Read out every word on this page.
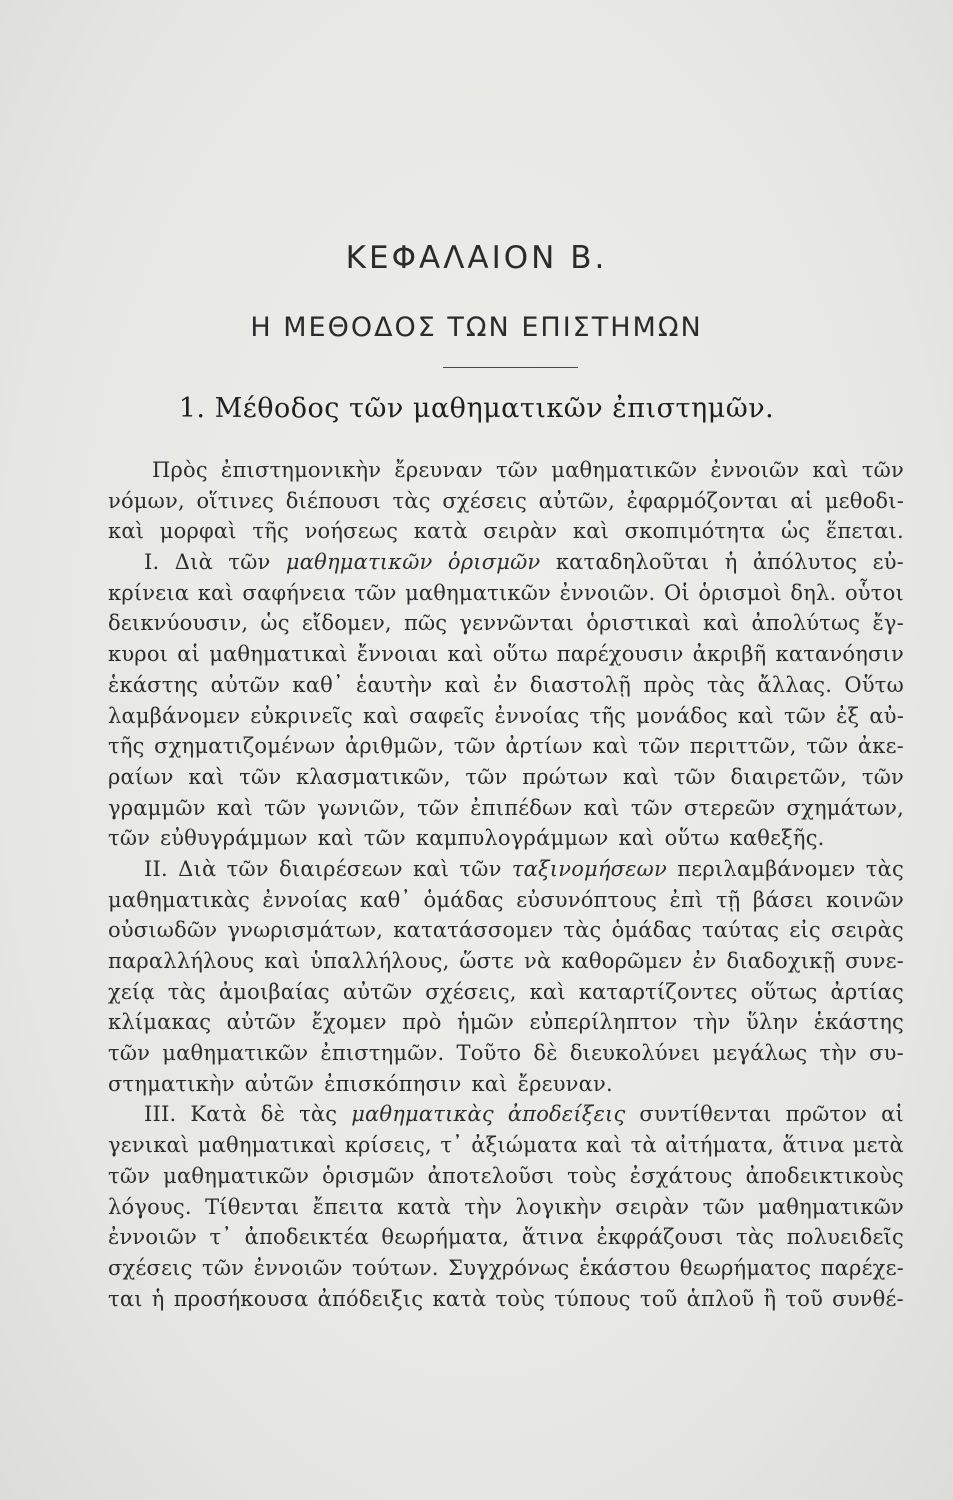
ΚΕΦΑΛΑΙΟΝ Β.
Η ΜΕΘΟΔΟΣ ΤΩΝ ΕΠΙΣΤΗΜΩΝ
1. Μέθοδος τῶν μαθηματικῶν ἐπιστημῶν.
Πρὸς ἐπιστημονικὴν ἔρευναν τῶν μαθηματικῶν ἐννοιῶν καὶ τῶν
νόμων, οἵτινες διέπουσι τὰς σχέσεις αὐτῶν, ἐφαρμόζονται αἱ μεθοδι-
καὶ μορφαὶ τῆς νοήσεως κατὰ σειρὰν καὶ σκοπιμότητα ὡς ἕπεται.
I. Διὰ τῶν μαθηματικῶν ὁρισμῶν καταδηλοῦται ἡ ἀπόλυτος εὐ-
κρίνεια καὶ σαφήνεια τῶν μαθηματικῶν ἐννοιῶν. Οἱ ὁρισμοὶ δηλ. οὗτοι
δεικνύουσιν, ὡς εἴδομεν, πῶς γεννῶνται ὁριστικαὶ καὶ ἀπολύτως ἔγ-
κυροι αἱ μαθηματικαὶ ἔννοιαι καὶ οὕτω παρέχουσιν ἀκριβῆ κατανόησιν
ἑκάστης αὐτῶν καθ᾽ ἑαυτὴν καὶ ἐν διαστολῇ πρὸς τὰς ἄλλας. Οὕτω
λαμβάνομεν εὐκρινεῖς καὶ σαφεῖς ἐννοίας τῆς μονάδος καὶ τῶν ἐξ αὐ-
τῆς σχηματιζομένων ἀριθμῶν, τῶν ἀρτίων καὶ τῶν περιττῶν, τῶν ἀκε-
ραίων καὶ τῶν κλασματικῶν, τῶν πρώτων καὶ τῶν διαιρετῶν, τῶν
γραμμῶν καὶ τῶν γωνιῶν, τῶν ἐπιπέδων καὶ τῶν στερεῶν σχημάτων,
τῶν εὐθυγράμμων καὶ τῶν καμπυλογράμμων καὶ οὕτω καθεξῆς.
II. Διὰ τῶν διαιρέσεων καὶ τῶν ταξινομήσεων περιλαμβάνομεν τὰς
μαθηματικὰς ἐννοίας καθ᾽ ὁμάδας εὐσυνόπτους ἐπὶ τῇ βάσει κοινῶν
οὐσιωδῶν γνωρισμάτων, κατατάσσομεν τὰς ὁμάδας ταύτας εἰς σειρὰς
παραλλήλους καὶ ὑπαλλήλους, ὥστε νὰ καθορῶμεν ἐν διαδοχικῇ συνε-
χείᾳ τὰς ἀμοιβαίας αὐτῶν σχέσεις, καὶ καταρτίζοντες οὕτως ἀρτίας
κλίμακας αὐτῶν ἔχομεν πρὸ ἡμῶν εὐπερίληπτον τὴν ὕλην ἑκάστης
τῶν μαθηματικῶν ἐπιστημῶν. Τοῦτο δὲ διευκολύνει μεγάλως τὴν συ-
στηματικὴν αὐτῶν ἐπισκόπησιν καὶ ἔρευναν.
III. Κατὰ δὲ τὰς μαθηματικὰς ἀποδείξεις συντίθενται πρῶτον αἱ
γενικαὶ μαθηματικαὶ κρίσεις, τ᾽ ἀξιώματα καὶ τὰ αἰτήματα, ἅτινα μετὰ
τῶν μαθηματικῶν ὁρισμῶν ἀποτελοῦσι τοὺς ἐσχάτους ἀποδεικτικοὺς
λόγους. Τίθενται ἔπειτα κατὰ τὴν λογικὴν σειρὰν τῶν μαθηματικῶν
ἐννοιῶν τ᾽ ἀποδεικτέα θεωρήματα, ἅτινα ἐκφράζουσι τὰς πολυειδεῖς
σχέσεις τῶν ἐννοιῶν τούτων. Συγχρόνως ἑκάστου θεωρήματος παρέχε-
ται ἡ προσήκουσα ἀπόδειξις κατὰ τοὺς τύπους τοῦ ἁπλοῦ ἢ τοῦ συνθέ-
